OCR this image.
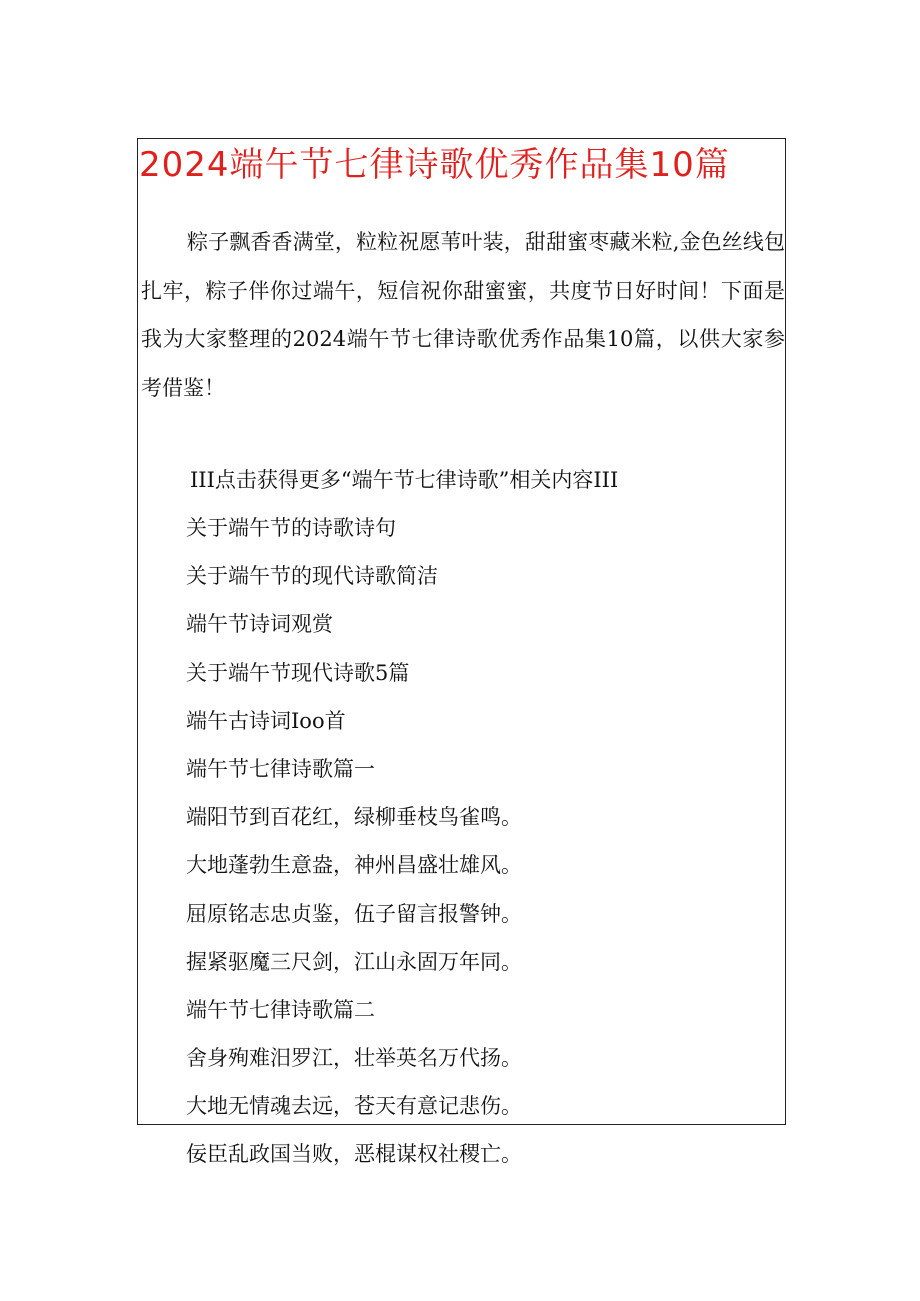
2024端午节七律诗歌优秀作品集10篇

粽子飘香香满堂，粒粒祝愿苇叶装，甜甜蜜枣藏米粒,金色丝线包扎牢，粽子伴你过端午，短信祝你甜蜜蜜，共度节日好时间！下面是我为大家整理的2024端午节七律诗歌优秀作品集10篇，以供大家参考借鉴！

III点击获得更多“端午节七律诗歌”相关内容III

关于端午节的诗歌诗句
关于端午节的现代诗歌简洁
端午节诗词观赏
关于端午节现代诗歌5篇
端午古诗词Ioo首
端午节七律诗歌篇一
端阳节到百花红，绿柳垂枝鸟雀鸣。
大地蓬勃生意盎，神州昌盛壮雄风。
屈原铭志忠贞鉴，伍子留言报警钟。
握紧驱魔三尺剑，江山永固万年同。
端午节七律诗歌篇二
舍身殉难汨罗江，壮举英名万代扬。
大地无情魂去远，苍天有意记悲伤。
佞臣乱政国当败，恶棍谋权社稷亡。
